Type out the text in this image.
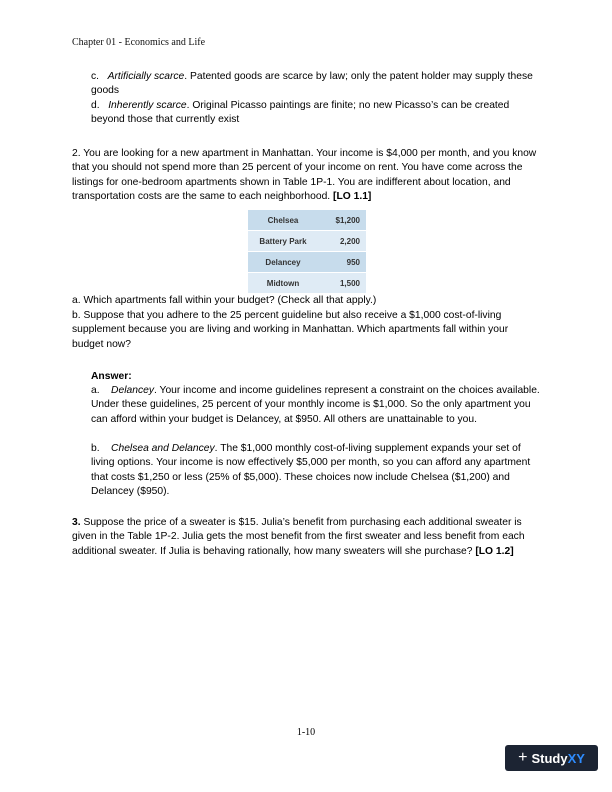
Chapter 01 - Economics and Life
c. Artificially scarce. Patented goods are scarce by law; only the patent holder may supply these goods
d. Inherently scarce. Original Picasso paintings are finite; no new Picasso’s can be created beyond those that currently exist
2. You are looking for a new apartment in Manhattan. Your income is $4,000 per month, and you know that you should not spend more than 25 percent of your income on rent. You have come across the listings for one-bedroom apartments shown in Table 1P-1. You are indifferent about location, and transportation costs are the same to each neighborhood. [LO 1.1]
Chelsea	$1,200
Battery Park	2,200
Delancey	950
Midtown	1,500
a. Which apartments fall within your budget? (Check all that apply.)
b. Suppose that you adhere to the 25 percent guideline but also receive a $1,000 cost-of-living supplement because you are living and working in Manhattan. Which apartments fall within your budget now?
Answer:
a. Delancey. Your income and income guidelines represent a constraint on the choices available. Under these guidelines, 25 percent of your monthly income is $1,000. So the only apartment you can afford within your budget is Delancey, at $950. All others are unattainable to you.
b. Chelsea and Delancey. The $1,000 monthly cost-of-living supplement expands your set of living options. Your income is now effectively $5,000 per month, so you can afford any apartment that costs $1,250 or less (25% of $5,000). These choices now include Chelsea ($1,200) and Delancey ($950).
3. Suppose the price of a sweater is $15. Julia’s benefit from purchasing each additional sweater is given in the Table 1P-2. Julia gets the most benefit from the first sweater and less benefit from each additional sweater. If Julia is behaving rationally, how many sweaters will she purchase? [LO 1.2]
1-10
+ StudyXY
